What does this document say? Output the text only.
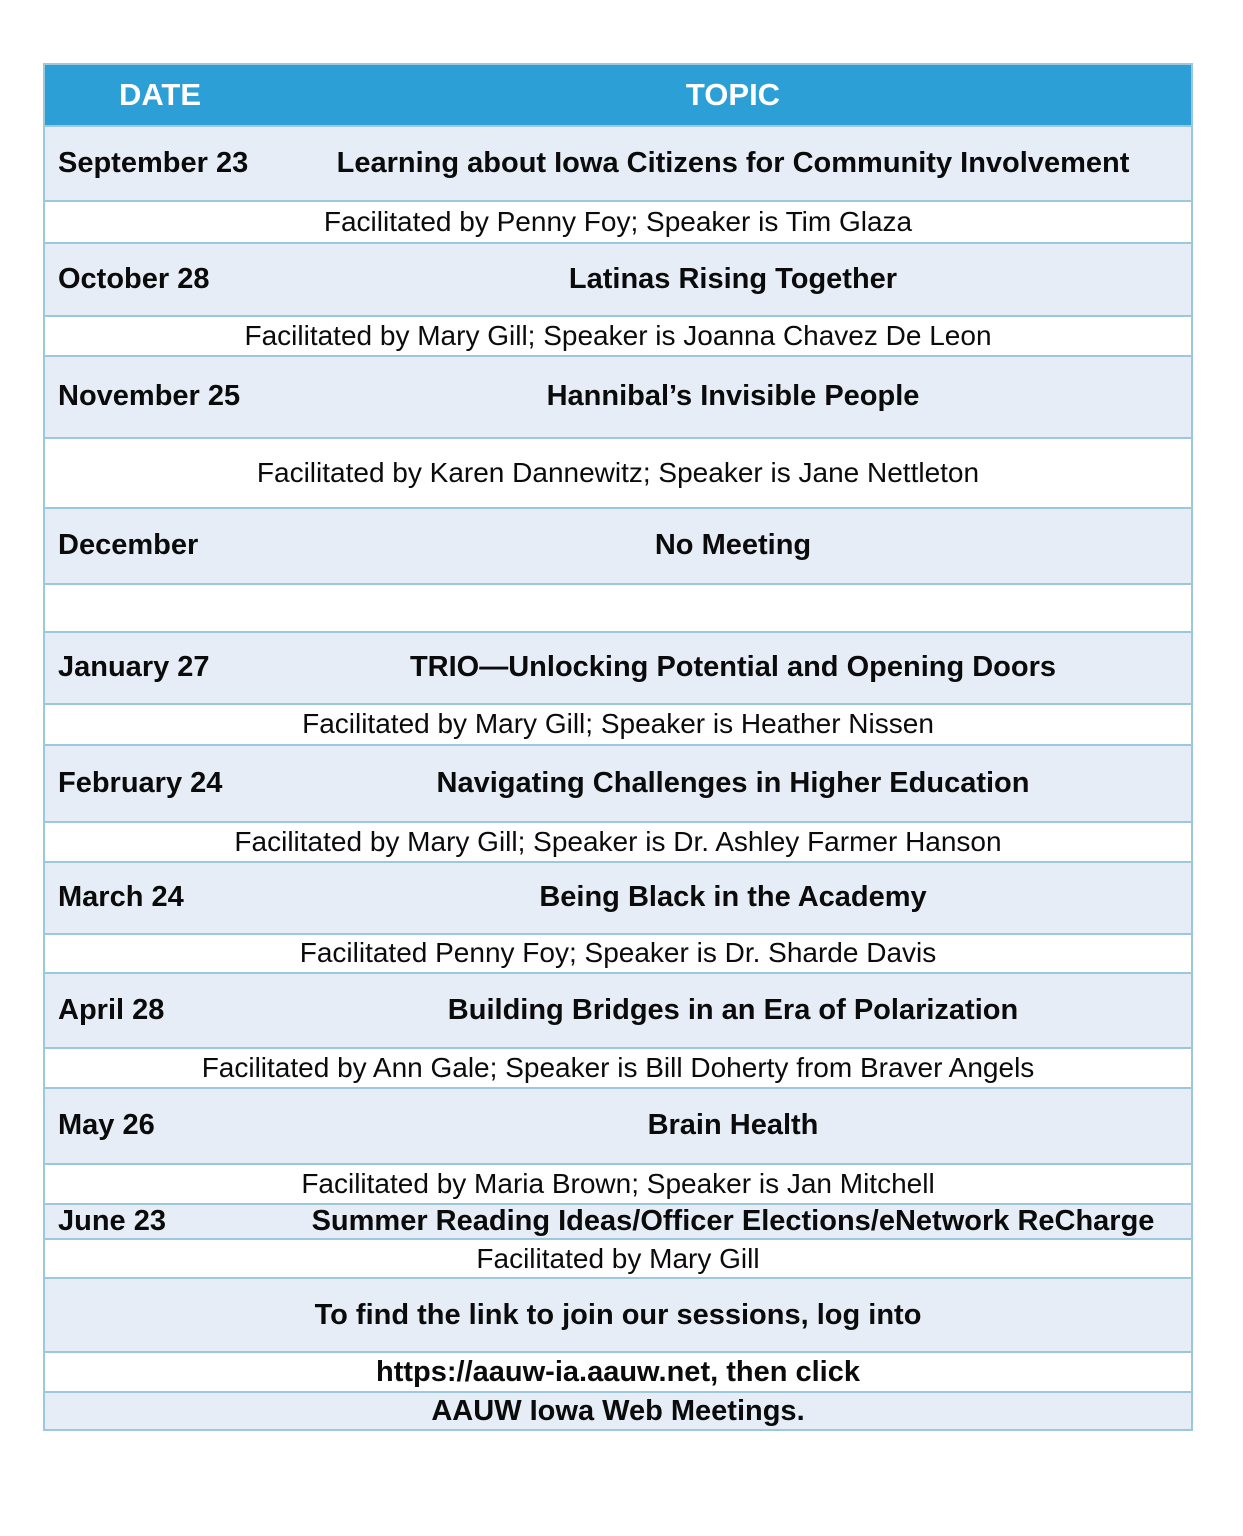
DATE	TOPIC
September 23	Learning about Iowa Citizens for Community Involvement
Facilitated by Penny Foy; Speaker is Tim Glaza
October 28	Latinas Rising Together
Facilitated by Mary Gill; Speaker is Joanna Chavez De Leon
November 25	Hannibal’s Invisible People
Facilitated by Karen Dannewitz; Speaker is Jane Nettleton
December	No Meeting
January 27	TRIO—Unlocking Potential and Opening Doors
Facilitated by Mary Gill; Speaker is Heather Nissen
February 24	Navigating Challenges in Higher Education
Facilitated by Mary Gill; Speaker is Dr. Ashley Farmer Hanson
March 24	Being Black in the Academy
Facilitated Penny Foy; Speaker is Dr. Sharde Davis
April 28	Building Bridges in an Era of Polarization
Facilitated by Ann Gale; Speaker is Bill Doherty from Braver Angels
May 26	Brain Health
Facilitated by Maria Brown; Speaker is Jan Mitchell
June 23	Summer Reading Ideas/Officer Elections/eNetwork ReCharge
Facilitated by Mary Gill
To find the link to join our sessions, log into
https://aauw-ia.aauw.net, then click
AAUW Iowa Web Meetings.
